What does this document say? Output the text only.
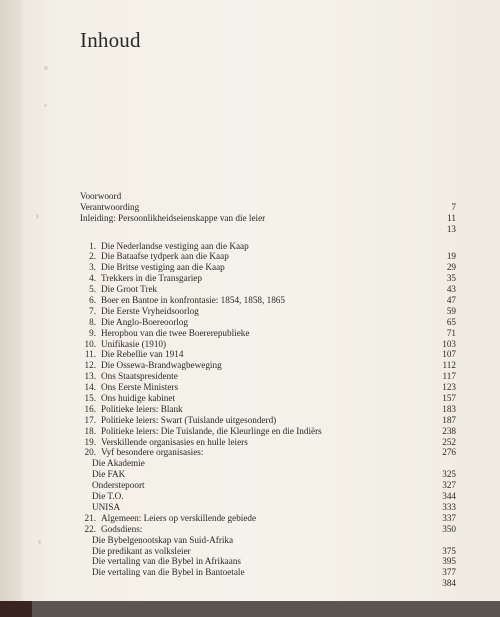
Inhoud
Voorwoord
Verantwoording	7
Inleiding: Persoonlikheidseienskappe van die leier	11
13
1. Die Nederlandse vestiging aan die Kaap
2. Die Bataafse tydperk aan die Kaap	19
3. Die Britse vestiging aan die Kaap	29
4. Trekkers in die Transgariep	35
5. Die Groot Trek	43
6. Boer en Bantoe in konfrontasie: 1854, 1858, 1865	47
7. Die Eerste Vryheidsoorlog	59
8. Die Anglo-Boereoorlog	65
9. Heropbou van die twee Boererepublieke	71
10. Unifikasie (1910)	103
11. Die Rebellie van 1914	107
12. Die Ossewa-Brandwagbeweging	112
13. Ons Staatspresidente	117
14. Ons Eerste Ministers	123
15. Ons huidige kabinet	157
16. Politieke leiers: Blank	183
17. Politieke leiers: Swart (Tuislande uitgesonderd)	187
18. Politieke leiers: Die Tuislande, die Kleurlinge en die Indiërs	238
19. Verskillende organisasies en hulle leiers	252
20. Vyf besondere organisasies:	276
Die Akademie
Die FAK	325
Onderstepoort	327
Die T.O.	344
UNISA	333
21. Algemeen: Leiers op verskillende gebiede	337
22. Godsdiens:	350
Die Bybelgenootskap van Suid-Afrika
Die predikant as volksleier	375
Die vertaling van die Bybel in Afrikaans	395
Die vertaling van die Bybel in Bantoetale	377
384
